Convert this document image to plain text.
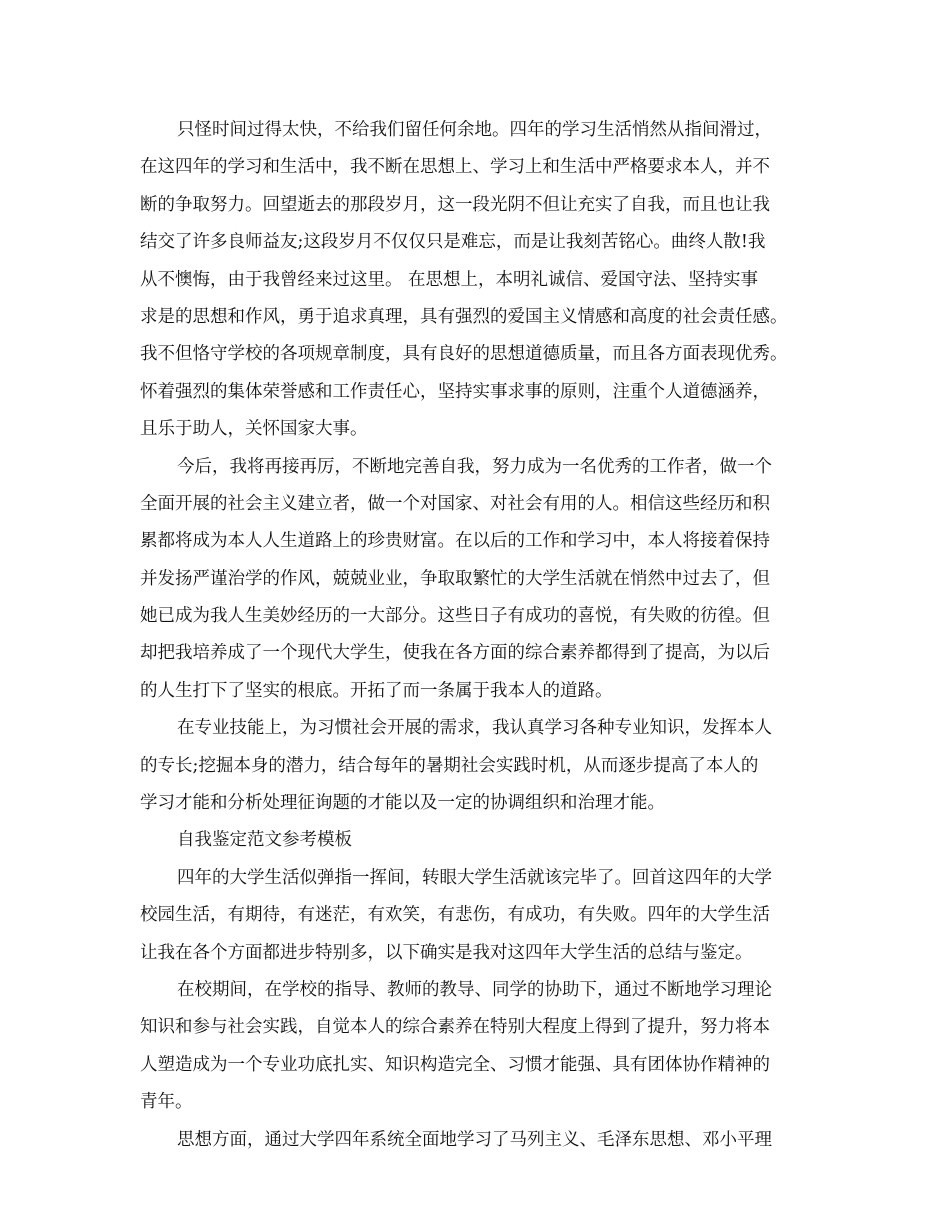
只怪时间过得太快，不给我们留任何余地。四年的学习生活悄然从指间滑过，
在这四年的学习和生活中，我不断在思想上、学习上和生活中严格要求本人，并不
断的争取努力。回望逝去的那段岁月，这一段光阴不但让充实了自我，而且也让我
结交了许多良师益友;这段岁月不仅仅只是难忘，而是让我刻苦铭心。曲终人散!我
从不懊悔，由于我曾经来过这里。 在思想上，本明礼诚信、爱国守法、坚持实事
求是的思想和作风，勇于追求真理，具有强烈的爱国主义情感和高度的社会责任感。
我不但恪守学校的各项规章制度，具有良好的思想道德质量，而且各方面表现优秀。
怀着强烈的集体荣誉感和工作责任心，坚持实事求事的原则，注重个人道德涵养，
且乐于助人，关怀国家大事。
今后，我将再接再厉，不断地完善自我，努力成为一名优秀的工作者，做一个
全面开展的社会主义建立者，做一个对国家、对社会有用的人。相信这些经历和积
累都将成为本人人生道路上的珍贵财富。在以后的工作和学习中，本人将接着保持
并发扬严谨治学的作风，兢兢业业，争取取繁忙的大学生活就在悄然中过去了，但
她已成为我人生美妙经历的一大部分。这些日子有成功的喜悦，有失败的彷徨。但
却把我培养成了一个现代大学生，使我在各方面的综合素养都得到了提高，为以后
的人生打下了坚实的根底。开拓了而一条属于我本人的道路。
在专业技能上，为习惯社会开展的需求，我认真学习各种专业知识，发挥本人
的专长;挖掘本身的潜力，结合每年的暑期社会实践时机，从而逐步提高了本人的
学习才能和分析处理征询题的才能以及一定的协调组织和治理才能。
自我鉴定范文参考模板
四年的大学生活似弹指一挥间，转眼大学生活就该完毕了。回首这四年的大学
校园生活，有期待，有迷茫，有欢笑，有悲伤，有成功，有失败。四年的大学生活
让我在各个方面都进步特别多，以下确实是我对这四年大学生活的总结与鉴定。
在校期间，在学校的指导、教师的教导、同学的协助下，通过不断地学习理论
知识和参与社会实践，自觉本人的综合素养在特别大程度上得到了提升，努力将本
人塑造成为一个专业功底扎实、知识构造完全、习惯才能强、具有团体协作精神的
青年。
思想方面，通过大学四年系统全面地学习了马列主义、毛泽东思想、邓小平理
